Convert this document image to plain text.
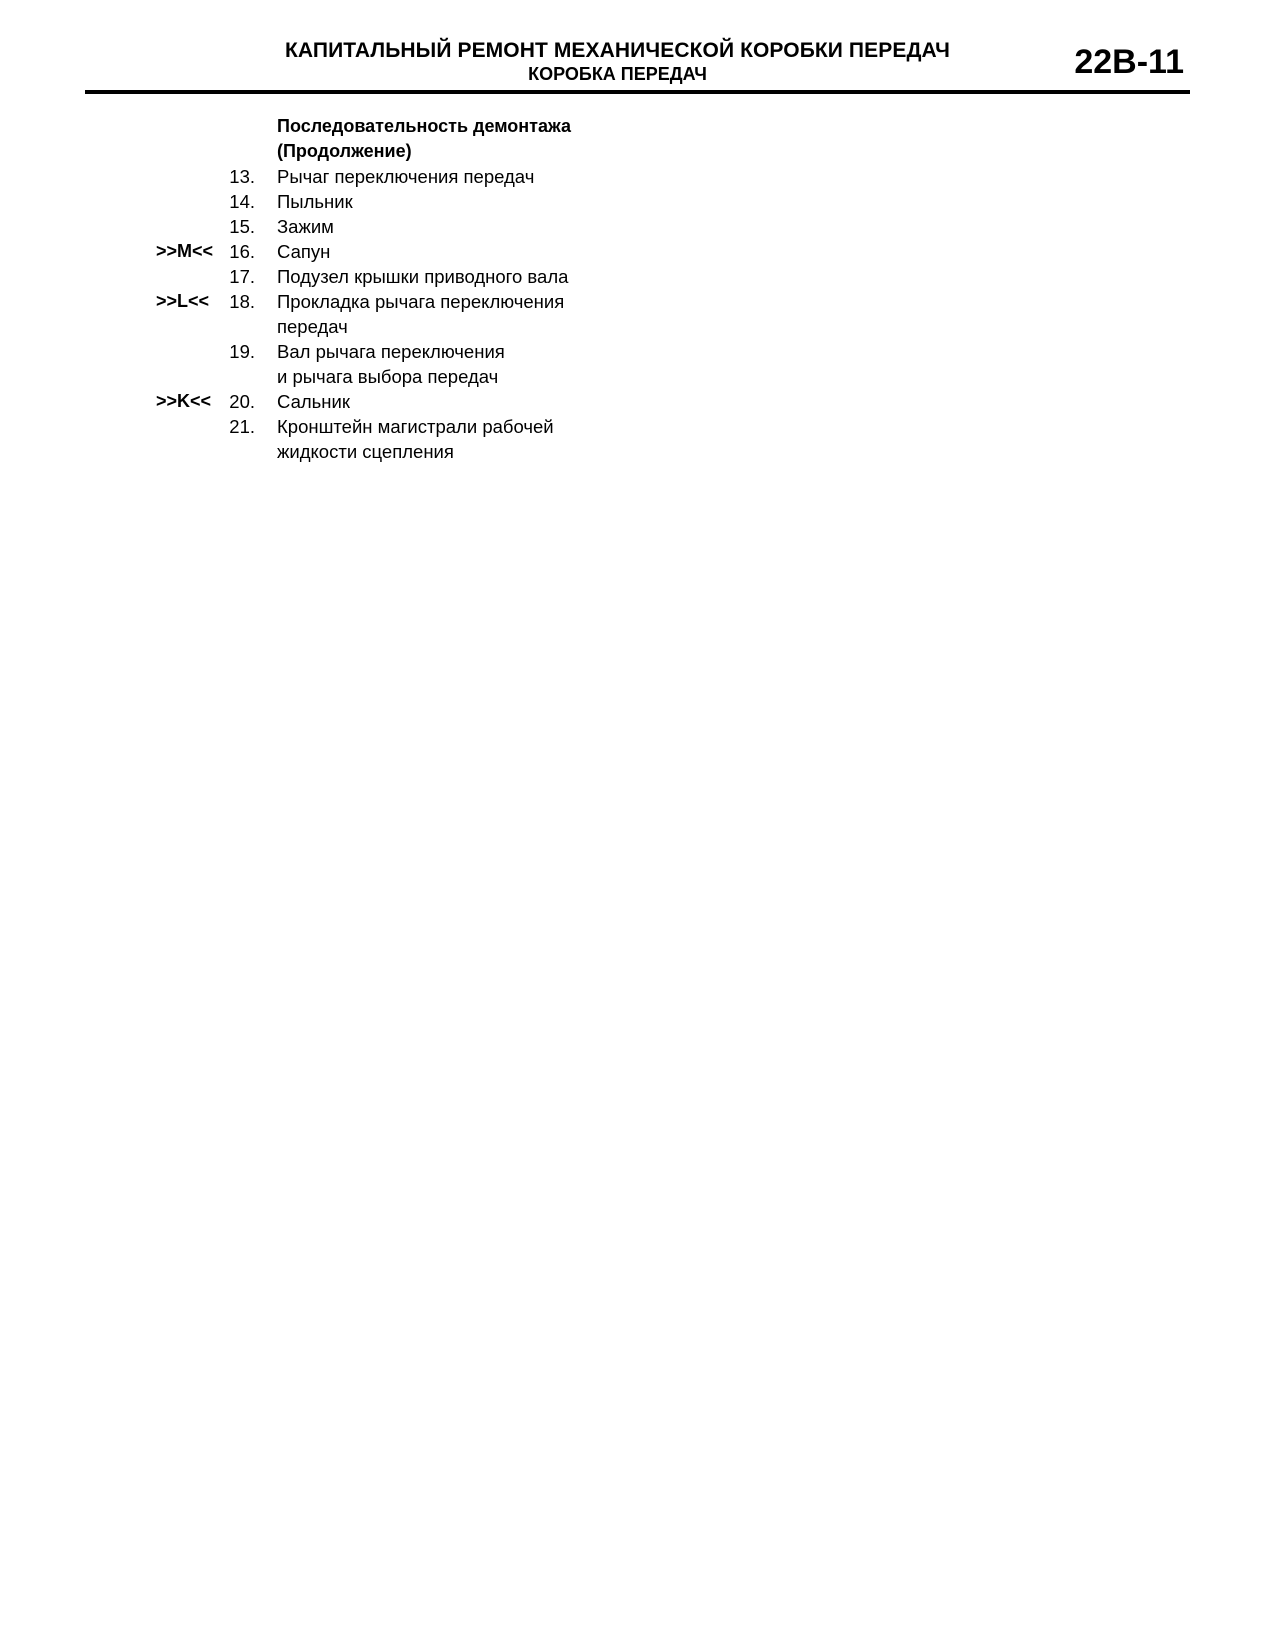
КАПИТАЛЬНЫЙ РЕМОНТ МЕХАНИЧЕСКОЙ КОРОБКИ ПЕРЕДАЧ
КОРОБКА ПЕРЕДАЧ	22B-11
Последовательность демонтажа
(Продолжение)
13. Рычаг переключения передач
14. Пыльник
15. Зажим
>>M<< 16. Сапун
17. Подузел крышки приводного вала
>>L<<	18. Прокладка рычага переключения
передач
19. Вал рычага переключения
и рычага выбора передач
>>K<< 20. Сальник
21. Кронштейн магистрали рабочей
жидкости сцепления
